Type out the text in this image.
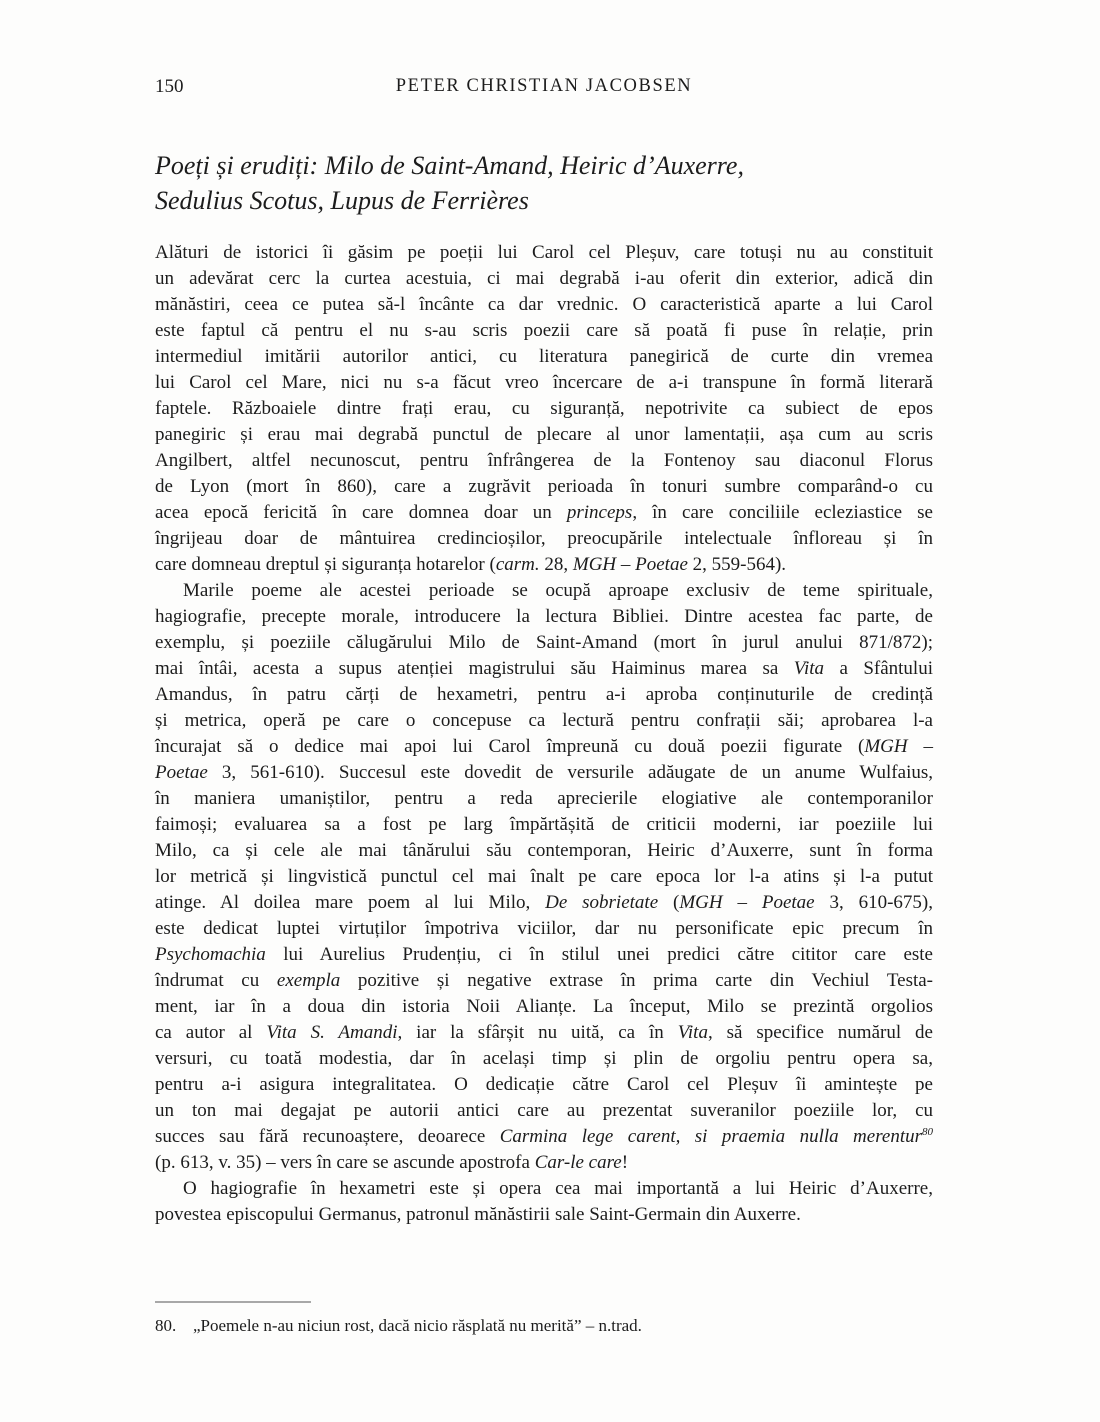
150	PETER CHRISTIAN JACOBSEN
Poeți și erudiți: Milo de Saint-Amand, Heiric d’Auxerre,
Sedulius Scotus, Lupus de Ferrières
Alături de istorici îi găsim pe poeții lui Carol cel Pleșuv, care totuși nu au constituit
un adevărat cerc la curtea acestuia, ci mai degrabă i-au oferit din exterior, adică din
mănăstiri, ceea ce putea să-l încânte ca dar vrednic. O caracteristică aparte a lui Carol
este faptul că pentru el nu s-au scris poezii care să poată fi puse în relație, prin
intermediul imitării autorilor antici, cu literatura panegirică de curte din vremea
lui Carol cel Mare, nici nu s-a făcut vreo încercare de a-i transpune în formă literară
faptele. Războaiele dintre frați erau, cu siguranță, nepotrivite ca subiect de epos
panegiric și erau mai degrabă punctul de plecare al unor lamentații, așa cum au scris
Angilbert, altfel necunoscut, pentru înfrângerea de la Fontenoy sau diaconul Florus
de Lyon (mort în 860), care a zugrăvit perioada în tonuri sumbre comparând-o cu
acea epocă fericită în care domnea doar un princeps, în care conciliile ecleziastice se
îngrijeau doar de mântuirea credincioșilor, preocupările intelectuale înfloreau și în
care domneau dreptul și siguranța hotarelor (carm. 28, MGH – Poetae 2, 559-564).
Marile poeme ale acestei perioade se ocupă aproape exclusiv de teme spirituale,
hagiografie, precepte morale, introducere la lectura Bibliei. Dintre acestea fac parte, de
exemplu, și poeziile călugărului Milo de Saint-Amand (mort în jurul anului 871/872);
mai întâi, acesta a supus atenției magistrului său Haiminus marea sa Vita a Sfântului
Amandus, în patru cărți de hexametri, pentru a-i aproba conținuturile de credință
și metrica, operă pe care o concepuse ca lectură pentru confrații săi; aprobarea l-a
încurajat să o dedice mai apoi lui Carol împreună cu două poezii figurate (MGH –
Poetae 3, 561-610). Succesul este dovedit de versurile adăugate de un anume Wulfaius,
în maniera umaniștilor, pentru a reda aprecierile elogiative ale contemporanilor
faimoși; evaluarea sa a fost pe larg împărtășită de criticii moderni, iar poeziile lui
Milo, ca și cele ale mai tânărului său contemporan, Heiric d’Auxerre, sunt în forma
lor metrică și lingvistică punctul cel mai înalt pe care epoca lor l-a atins și l-a putut
atinge. Al doilea mare poem al lui Milo, De sobrietate (MGH – Poetae 3, 610-675),
este dedicat luptei virtuților împotriva viciilor, dar nu personificate epic precum în
Psychomachia lui Aurelius Prudențiu, ci în stilul unei predici către cititor care este
îndrumat cu exempla pozitive și negative extrase în prima carte din Vechiul Testa-
ment, iar în a doua din istoria Noii Alianțe. La început, Milo se prezintă orgolios
ca autor al Vita S. Amandi, iar la sfârșit nu uită, ca în Vita, să specifice numărul de
versuri, cu toată modestia, dar în același timp și plin de orgoliu pentru opera sa,
pentru a-i asigura integralitatea. O dedicație către Carol cel Pleșuv îi amintește pe
un ton mai degajat pe autorii antici care au prezentat suveranilor poeziile lor, cu
succes sau fără recunoaștere, deoarece Carmina lege carent, si praemia nulla merentur$^{80}$
(p. 613, v. 35) – vers în care se ascunde apostrofa Car-le care!
O hagiografie în hexametri este și opera cea mai importantă a lui Heiric d’Auxerre,
povestea episcopului Germanus, patronul mănăstirii sale Saint-Germain din Auxerre.
80. „Poemele n-au niciun rost, dacă nicio răsplată nu merită” – n.trad.
